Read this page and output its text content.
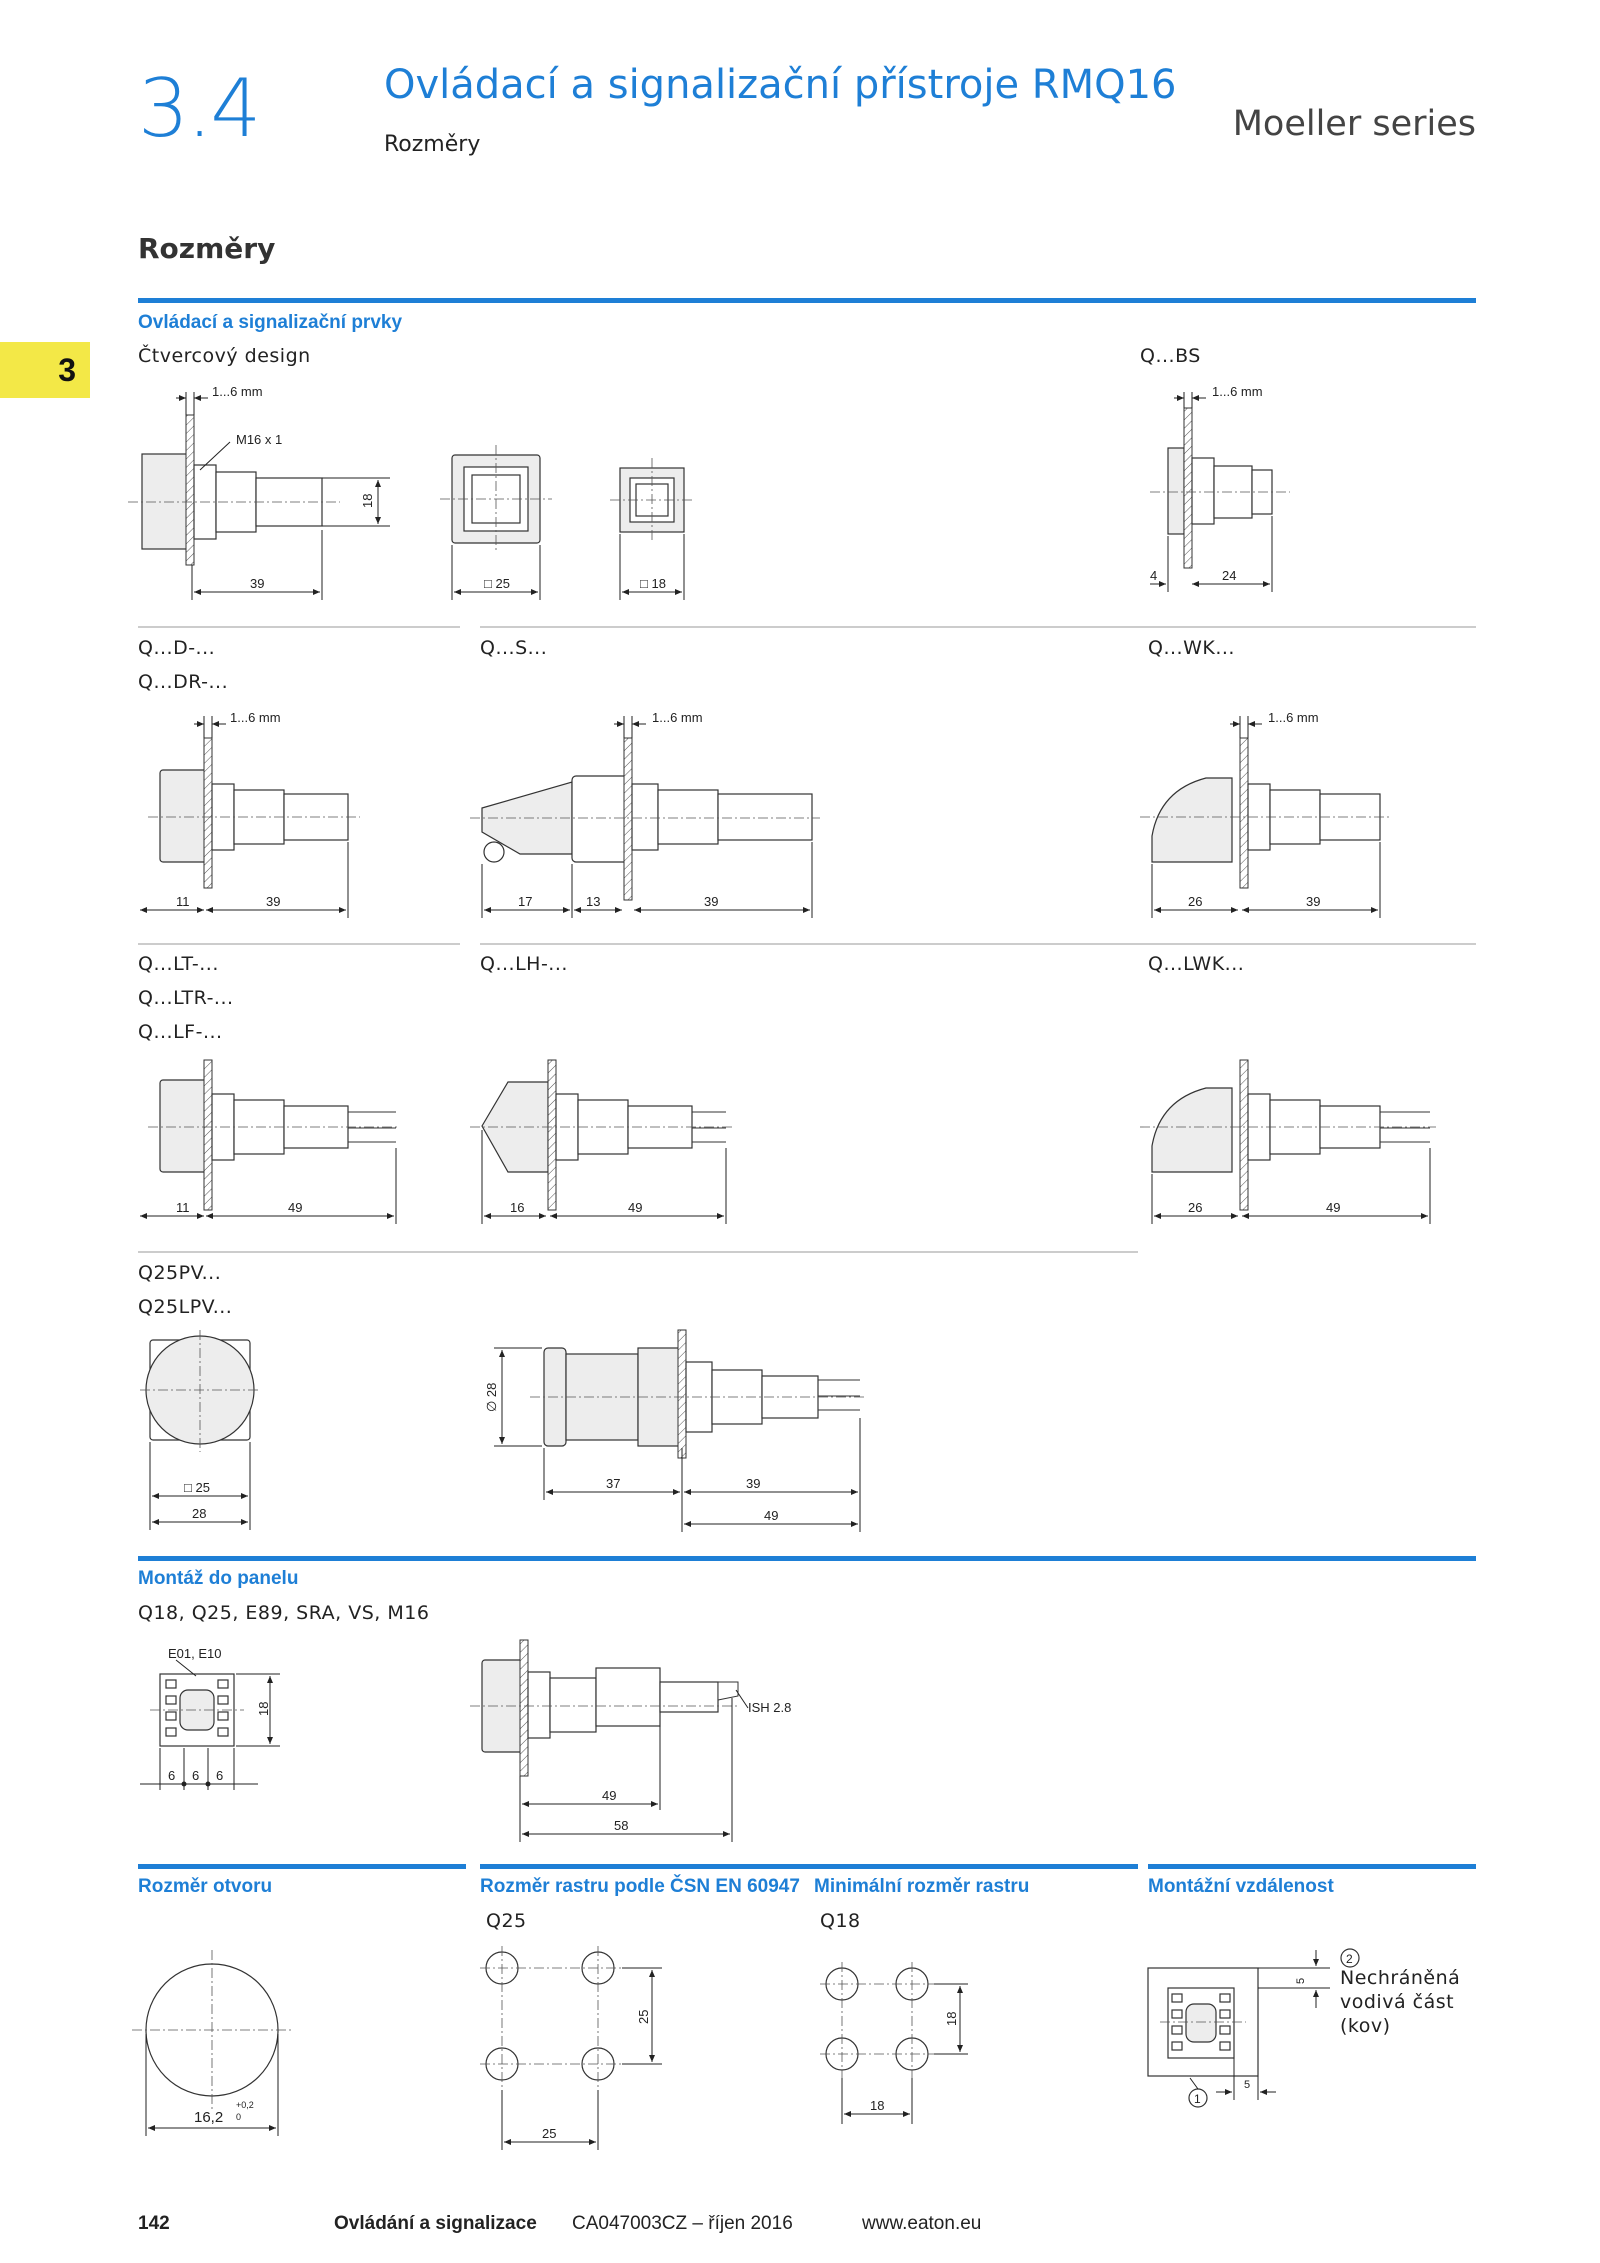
3.4	Ovládací a signalizační přístroje RMQ16
Rozměry
Moeller series
Rozměry
3
Ovládací a signalizační prvky
Čtvercový design	Q...BS
1...6 mm
M16 x 1
18
39	□ 25	□ 18
1...6 mm
4	24
1...6 mm
11	39
1...6 mm
17	13	39
1...6 mm
26	39
11	49	16	49	26	49
□ 25
28
∅ 28
37	39
49
E01, E10
18
6 6 6
ISH 2.8
49
58
16,2
+0,2
0
25
25
18
18
5
5
1
2
Q...D-...
Q...DR-...
Q...S...	Q...WK...
Q...LT-...
Q...LTR-...
Q...LF-...
Q...LH-...	Q...LWK...
Q25PV...
Q25LPV...
Montáž do panelu
Q18, Q25, E89, SRA, VS, M16
Rozměr otvoru	Rozměr rastru podle ČSN EN 60947 Minimální rozměr rastru	Montážní vzdálenost
Q25	Q18
Nechráněná
vodivá část
(kov)
142	Ovládání a signalizace CA047003CZ – říjen 2016	www.eaton.eu
